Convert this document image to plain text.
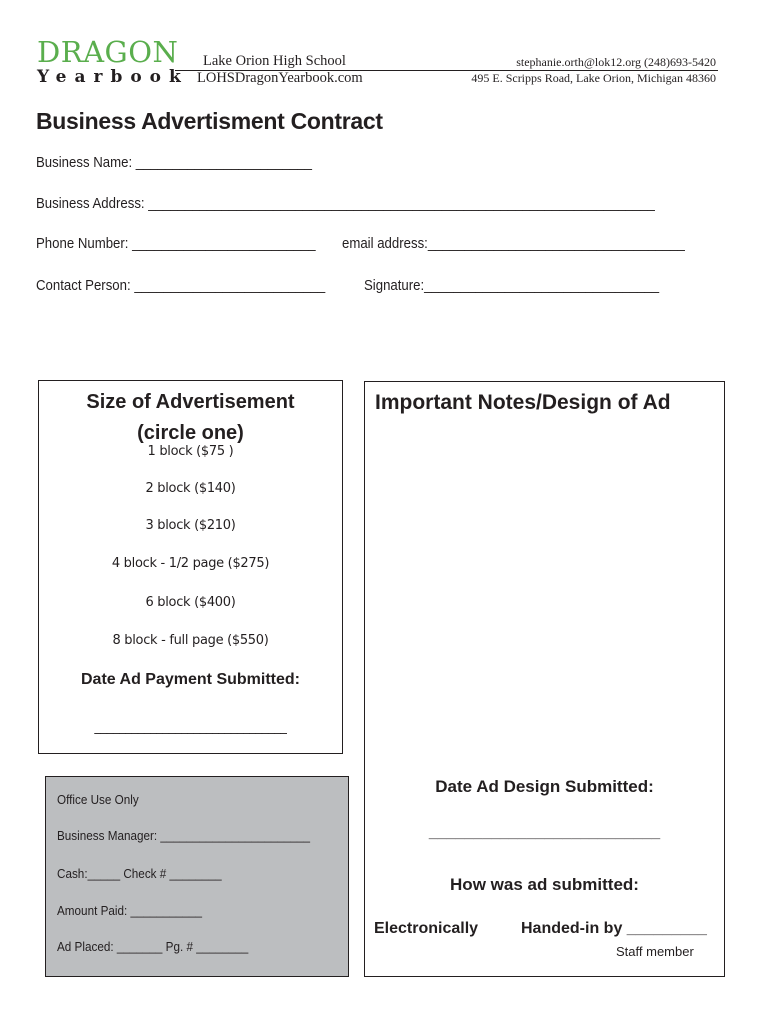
DRAGON
Yearbook
Lake Orion High School
LOHSDragonYearbook.com
stephanie.orth@lok12.org (248)693-5420
495 E. Scripps Road, Lake Orion, Michigan 48360
Business Advertisment Contract
Business Name: ________________________
Business Address: _____________________________________________________________________
Phone Number: _________________________ email address:___________________________________
Contact Person: __________________________	Signature:________________________________
Size of Advertisement
(circle one)
1 block ($75 )
2 block ($140)
3 block ($210)
4 block - 1/2 page ($275)
6 block ($400)
8 block - full page ($550)
Date Ad Payment Submitted:
_______________________________
Important Notes/Design of Ad
Date Ad Design Submitted:
__________________________
How was ad submitted:
Electronically	Handed-in by _________
Staff member
Office Use Only
Business Manager: _______________________
Cash:_____ Check # ________
Amount Paid: ___________
Ad Placed: _______ Pg. # ________
